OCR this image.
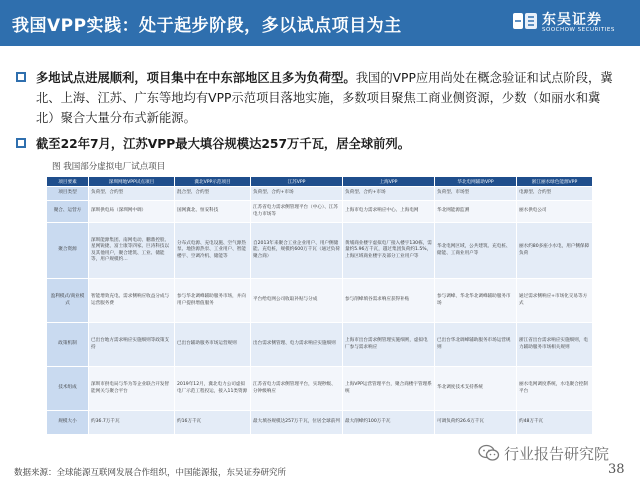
我国VPP实践：处于起步阶段，多以试点项目为主	东吴证券
SOOCHOW SECURITIES
多地试点进展顺利，项目集中在中东部地区且多为负荷型。我国的VPP应用尚处在概念验证和试点阶段，冀北、上海、江苏、广东等地均有VPP示范项目落地实施，多数项目聚焦工商业侧资源，少数（如丽水和冀北）聚合大量分布式新能源。
截至22年7月，江苏VPP最大填谷规模达257万千瓦，居全球前列。
图 我国部分虚拟电厂试点项目
项目要素	深圳网地VPP试点项目	冀北VPP示范项目	江苏VPP	上海VPP	华北电网辅助VPP	浙江丽水绿色能源VPP
项目类型	负荷型、合约型	混合型、合约型	负荷型、合约+市场	负荷型、合约+市场	负荷型、市场型	电源型、合约型
聚合、运营方	深圳供电局（深圳网中调）	国网冀北、恒安科技	江苏省电力需求侧管理平台（中心）、江苏电力市场等	上海市电力需求响应中心、上海电网	华北网能源监测	丽水供电公司
聚合资源	深圳能源集团、南网电动、鹏鼎控股、星网锐捷、富士康等四家、巨涛科技以及其他用户，聚合建筑、工业、储能等，用户规模约…	分布式电源、充电设施、空气源热泵、地热源热泵、工业用户、智能楼宇、空调冷机、储能等	自2013年来聚合工业企业用户、用户侧储能、充电桩，规模约600万千瓦（通过负荷聚合商）	黄埔商业楼宇虚拟电厂接入楼宇130栋，需量约5.96万千瓦，越过集团负荷约1.5%，上海区域商业楼宇及部分工业用户等	华北电网区域，公共建筑、充电桩、储能、工商业用户等	丽水约80多座小水电，用户侧保障负荷
盈利模式/商业模式	智能增效充电、需求侧响应收益分成与运营服务费	参与华北调峰辅助服务市场，并向用户提供增值服务	平台给电网公司收取补贴与分成	参与削峰填谷需求响应获得补贴	参与调峰、华北华北调峰辅助服务市场	通过需求侧响应+市场化交易等方式
政策机制	已出台地方需求响应实施细则等政策支持	已出台辅助服务市场运营规则	出台需求侧管理、电力需求响应实施细则	上海市出台需求侧管理实施细则，虚拟电厂参与需求响应	已出台华北调峰辅助服务市场运营规则	浙江省出台需求响应实施细则，电力辅助服务市场相关规则
技术组成	深圳市供电局与华为等企业联合开发智能网关与聚合平台	2019年12月，冀北电力公司虚拟电厂示范工程投运，接入11类资源	江苏省电力需求侧管理平台，实现秒级、分钟级响应	上海VPP运营管理平台，聚合商楼宇管理系统	华北调度技术支持系统	丽水电网调度系统，水电聚合控制平台
规模大小	约36.7万千瓦	约16万千瓦	最大填谷规模达257万千瓦，位居全球前列	最大削峰约100万千瓦	可调负荷约26.6万千瓦	约48万千瓦
数据来源：全球能源互联网发展合作组织，中国能源报，东吴证券研究所
行业报告研究院
38
